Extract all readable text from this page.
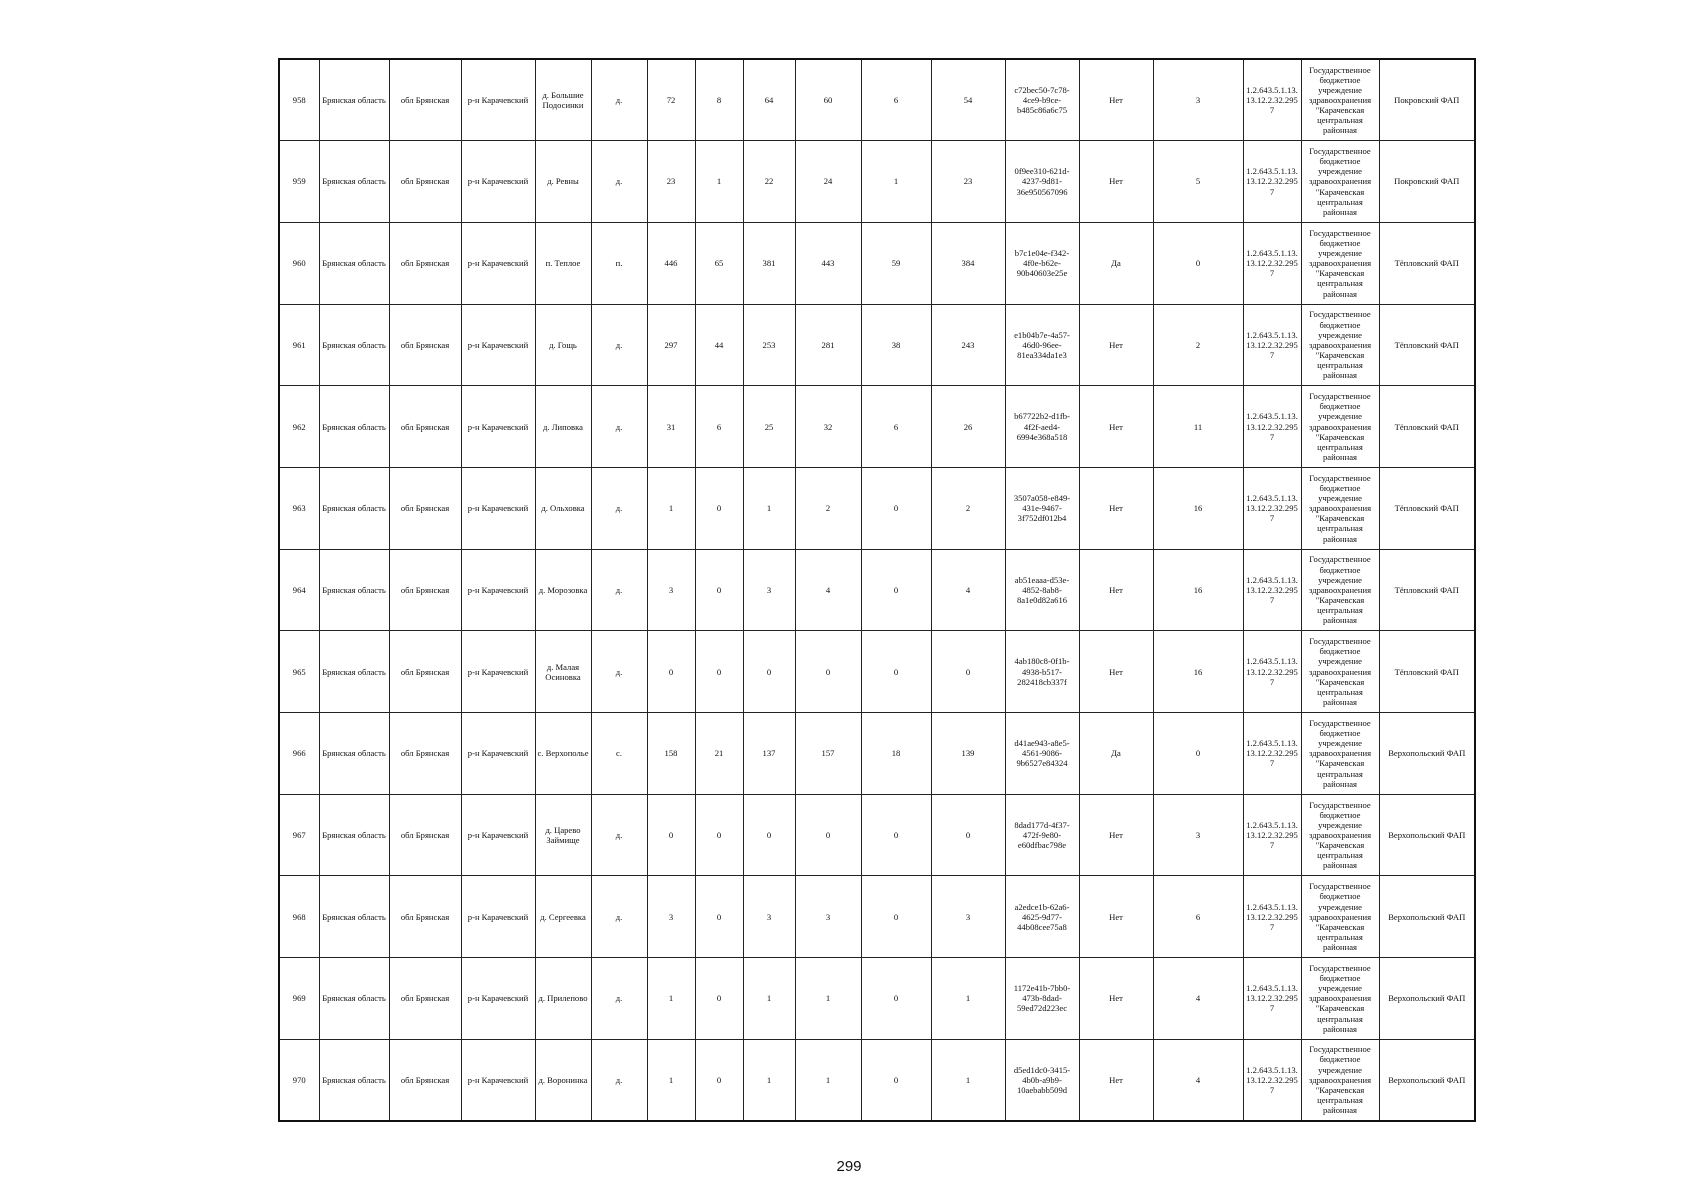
958	Брянская область	обл Брянская	р-н Карачевский	д. Большие Подосинки	д.	72	8	64	60	6	54	c72bec50-7c78-4ce9-b9ce-b485c86a6c75	Нет	3	1.2.643.5.1.13.13.12.2.32.2957	Государственное бюджетное учреждение здравоохранения "Карачевская центральная районная	Покровский ФАП
959	Брянская область	обл Брянская	р-н Карачевский	д. Ревны	д.	23	1	22	24	1	23	0f9ee310-621d-4237-9d81-36e950567096	Нет	5	1.2.643.5.1.13.13.12.2.32.2957	Государственное бюджетное учреждение здравоохранения "Карачевская центральная районная	Покровский ФАП
960	Брянская область	обл Брянская	р-н Карачевский	п. Теплое	п.	446	65	381	443	59	384	b7c1e04e-f342-4f0e-b62e-90b40603e25e	Да	0	1.2.643.5.1.13.13.12.2.32.2957	Государственное бюджетное учреждение здравоохранения "Карачевская центральная районная	Тёпловский ФАП
961	Брянская область	обл Брянская	р-н Карачевский	д. Гощь	д.	297	44	253	281	38	243	e1b04b7e-4a57-46d0-96ee-81ea334da1e3	Нет	2	1.2.643.5.1.13.13.12.2.32.2957	Государственное бюджетное учреждение здравоохранения "Карачевская центральная районная	Тёпловский ФАП
962	Брянская область	обл Брянская	р-н Карачевский	д. Липовка	д.	31	6	25	32	6	26	b67722b2-d1fb-4f2f-aed4-6994e368a518	Нет	11	1.2.643.5.1.13.13.12.2.32.2957	Государственное бюджетное учреждение здравоохранения "Карачевская центральная районная	Тёпловский ФАП
963	Брянская область	обл Брянская	р-н Карачевский	д. Ольховка	д.	1	0	1	2	0	2	3507a058-e849-431e-9467-3f752df012b4	Нет	16	1.2.643.5.1.13.13.12.2.32.2957	Государственное бюджетное учреждение здравоохранения "Карачевская центральная районная	Тёпловский ФАП
964	Брянская область	обл Брянская	р-н Карачевский	д. Морозовка	д.	3	0	3	4	0	4	ab51eaaa-d53e-4852-8ab8-8a1e0d82a616	Нет	16	1.2.643.5.1.13.13.12.2.32.2957	Государственное бюджетное учреждение здравоохранения "Карачевская центральная районная	Тёпловский ФАП
965	Брянская область	обл Брянская	р-н Карачевский	д. Малая Осиновка	д.	0	0	0	0	0	0	4ab180c8-0f1b-4938-b517-282418cb337f	Нет	16	1.2.643.5.1.13.13.12.2.32.2957	Государственное бюджетное учреждение здравоохранения "Карачевская центральная районная	Тёпловский ФАП
966	Брянская область	обл Брянская	р-н Карачевский	с. Верхополье	с.	158	21	137	157	18	139	d41ae943-a8e5-4561-9086-9b6527e84324	Да	0	1.2.643.5.1.13.13.12.2.32.2957	Государственное бюджетное учреждение здравоохранения "Карачевская центральная районная	Верхопольский ФАП
967	Брянская область	обл Брянская	р-н Карачевский	д. Царево Займище	д.	0	0	0	0	0	0	8dad177d-4f37-472f-9e80-e60dfbac798e	Нет	3	1.2.643.5.1.13.13.12.2.32.2957	Государственное бюджетное учреждение здравоохранения "Карачевская центральная районная	Верхопольский ФАП
968	Брянская область	обл Брянская	р-н Карачевский	д. Сергеевка	д.	3	0	3	3	0	3	a2edce1b-62a6-4625-9d77-44b08cee75a8	Нет	6	1.2.643.5.1.13.13.12.2.32.2957	Государственное бюджетное учреждение здравоохранения "Карачевская центральная районная	Верхопольский ФАП
969	Брянская область	обл Брянская	р-н Карачевский	д. Прилепово	д.	1	0	1	1	0	1	1172e41b-7bb0-473b-8dad-59ed72d223ec	Нет	4	1.2.643.5.1.13.13.12.2.32.2957	Государственное бюджетное учреждение здравоохранения "Карачевская центральная районная	Верхопольский ФАП
970	Брянская область	обл Брянская	р-н Карачевский	д. Воронинка	д.	1	0	1	1	0	1	d5ed1dc0-3415-4b0b-a9b9-10aebabb509d	Нет	4	1.2.643.5.1.13.13.12.2.32.2957	Государственное бюджетное учреждение здравоохранения "Карачевская центральная районная	Верхопольский ФАП
299
